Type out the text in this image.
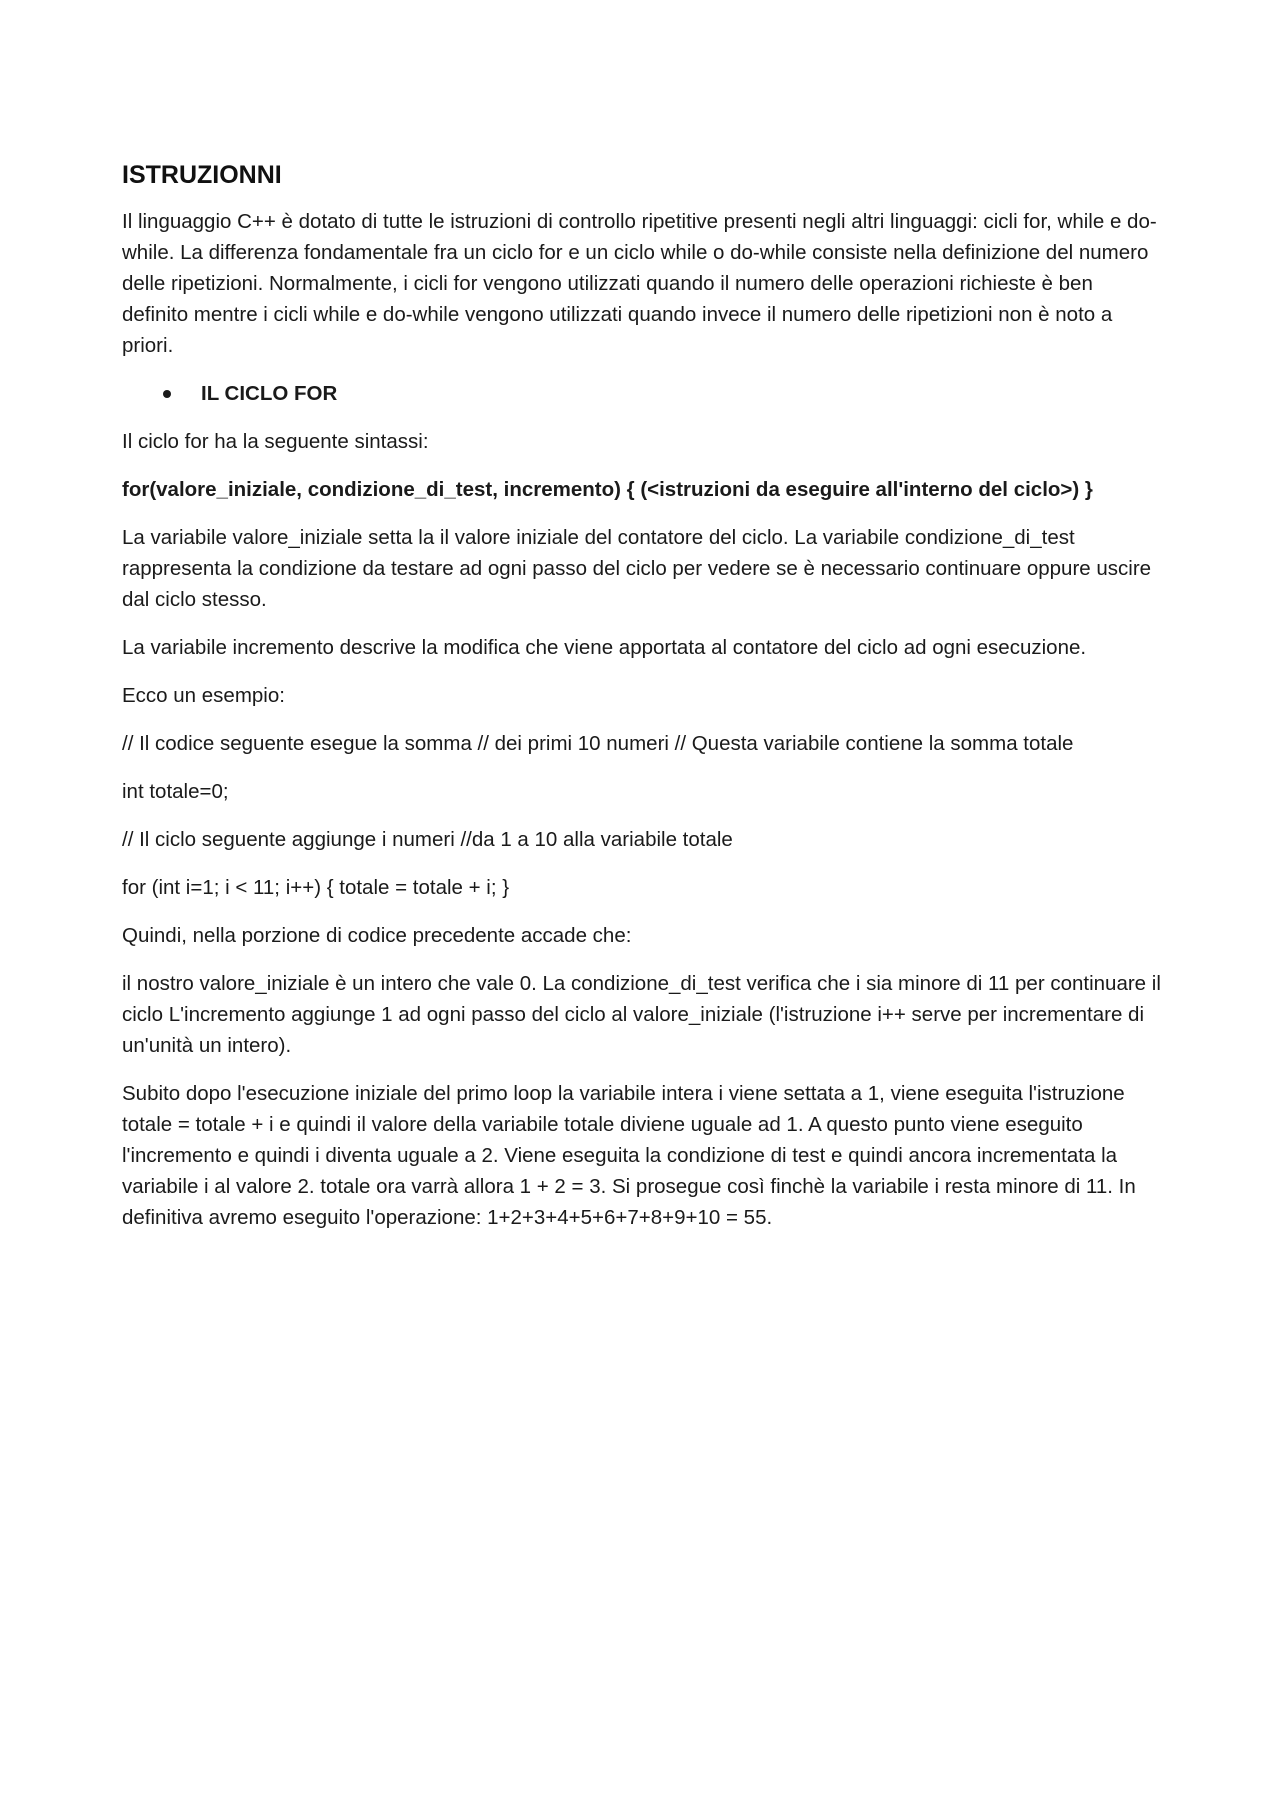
ISTRUZIONNI

Il linguaggio C++ è dotato di tutte le istruzioni di controllo ripetitive presenti negli altri linguaggi: cicli for, while e do-while. La differenza fondamentale fra un ciclo for e un ciclo while o do-while consiste nella definizione del numero delle ripetizioni. Normalmente, i cicli for vengono utilizzati quando il numero delle operazioni richieste è ben definito mentre i cicli while e do-while vengono utilizzati quando invece il numero delle ripetizioni non è noto a priori.

IL CICLO FOR

Il ciclo for ha la seguente sintassi:

for(valore_iniziale, condizione_di_test, incremento) { (<istruzioni da eseguire all'interno del ciclo>) }

La variabile valore_iniziale setta la il valore iniziale del contatore del ciclo. La variabile condizione_di_test rappresenta la condizione da testare ad ogni passo del ciclo per vedere se è necessario continuare oppure uscire dal ciclo stesso.

La variabile incremento descrive la modifica che viene apportata al contatore del ciclo ad ogni esecuzione.

Ecco un esempio:

// Il codice seguente esegue la somma // dei primi 10 numeri // Questa variabile contiene la somma totale

int totale=0;

// Il ciclo seguente aggiunge i numeri //da 1 a 10 alla variabile totale

for (int i=1; i < 11; i++) { totale = totale + i; }

Quindi, nella porzione di codice precedente accade che:

il nostro valore_iniziale è un intero che vale 0. La condizione_di_test verifica che i sia minore di 11 per continuare il ciclo L'incremento aggiunge 1 ad ogni passo del ciclo al valore_iniziale (l'istruzione i++ serve per incrementare di un'unità un intero).

Subito dopo l'esecuzione iniziale del primo loop la variabile intera i viene settata a 1, viene eseguita l'istruzione totale = totale + i e quindi il valore della variabile totale diviene uguale ad 1. A questo punto viene eseguito l'incremento e quindi i diventa uguale a 2. Viene eseguita la condizione di test e quindi ancora incrementata la variabile i al valore 2. totale ora varrà allora 1 + 2 = 3. Si prosegue così finchè la variabile i resta minore di 11. In definitiva avremo eseguito l'operazione: 1+2+3+4+5+6+7+8+9+10 = 55.
